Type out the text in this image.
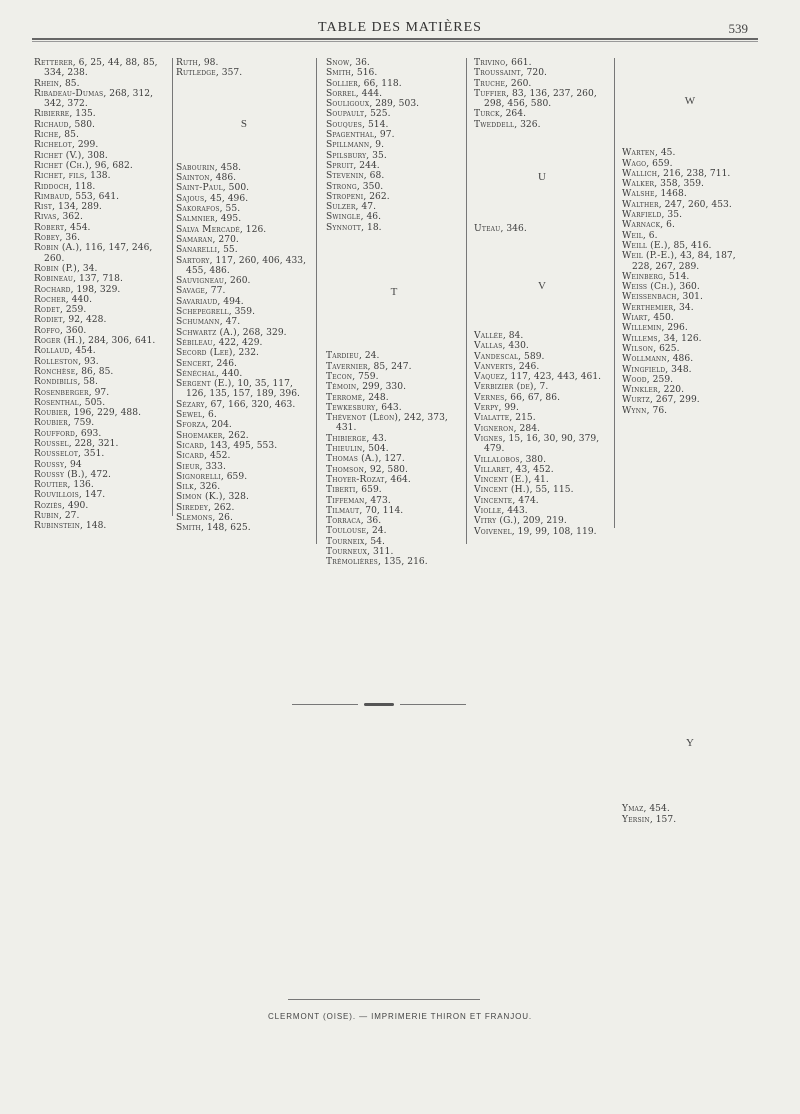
TABLE DES MATIÈRES	539

Retterer, 6, 25, 44, 88, 85, 334, 238.

Rhein, 85.

Ribadeau-Dumas, 268, 312, 342, 372.

Ribierre, 135.

Richaud, 580.

Riche, 85.

Richelot, 299.

Richet (V.), 308.

Richet (Ch.), 96, 682.

Richet, fils, 138.

Riddoch, 118.

Rimbaud, 553, 641.

Rist, 134, 289.

Rivas, 362.

Robert, 454.

Robey, 36.

Robin (A.), 116, 147, 246, 260.

Robin (P.), 34.

Robineau, 137, 718.

Rochard, 198, 329.

Rocher, 440.

Rodet, 259.

Rodiet, 92, 428.

Roffo, 360.

Roger (H.), 284, 306, 641.

Rollaud, 454.

Rolleston, 93.

Ronchèse, 86, 85.

Rondibilis, 58.

Rosenberger, 97.

Rosenthal, 505.

Roubier, 196, 229, 488.

Roubier, 759.

Roufford, 693.

Roussel, 228, 321.

Rousselot, 351.

Roussy, 94

Roussy (B.), 472.

Routier, 136.

Rouvillois, 147.

Roziès, 490.

Rubin, 27.

Rubinstein, 148.

Ruth, 98.

Rutledge, 357.

S

Sabourin, 458.

Sainton, 486.

Saint-Paul, 500.

Sajous, 45, 496.

Sakorafos, 55.

Salmnier, 495.

Salva Mercadé, 126.

Samaran, 270.

Sanarelli, 55.

Sartory, 117, 260, 406, 433, 455, 486.

Sauvigneau, 260.

Savage, 77.

Savariaud, 494.

Schepegrell, 359.

Schumann, 47.

Schwartz (A.), 268, 329.

Sébileau, 422, 429.

Secord (Lee), 232.

Sencert, 246.

Sénéchal, 440.

Sergent (E.), 10, 35, 117, 126, 135, 157, 189, 396.

Sézary, 67, 166, 320, 463.

Sewel, 6.

Sforza, 204.

Shoemaker, 262.

Sicard, 143, 495, 553.

Sicard, 452.

Sieur, 333.

Signorelli, 659.

Silk, 326.

Simon (K.), 328.

Siredey, 262.

Slemons, 26.

Smith, 148, 625.

Snow, 36.

Smith, 516.

Sollier, 66, 118.

Sorrel, 444.

Souligoux, 289, 503.

Soupault, 525.

Souques, 514.

Spagenthal, 97.

Spillmann, 9.

Spilsbury, 35.

Spruit, 244.

Stevenin, 68.

Strong, 350.

Stropeni, 262.

Sulzer, 47.

Swingle, 46.

Synnott, 18.

T

Tardieu, 24.

Tavernier, 85, 247.

Tecon, 759.

Témoin, 299, 330.

Terromé, 248.

Tewkesbury, 643.

Thévenot (Léon), 242, 373, 431.

Thibierge, 43.

Thieulin, 504.

Thomas (A.), 127.

Thomson, 92, 580.

Thoyer-Rozat, 464.

Tiberti, 659.

Tiffeman, 473.

Tilmaut, 70, 114.

Torraca, 36.

Toulouse, 24.

Tourneix, 54.

Tourneux, 311.

Trémolières, 135, 216.

Trivino, 661.

Troussaint, 720.

Truche, 260.

Tuffier, 83, 136, 237, 260, 298, 456, 580.

Turck, 264.

Tweddell, 326.

U

Uteau, 346.

V

Vallée, 84.

Vallas, 430.

Vandescal, 589.

Vanverts, 246.

Vaquez, 117, 423, 443, 461.

Verbizier (de), 7.

Vernes, 66, 67, 86.

Verpy, 99.

Vialatte, 215.

Vigneron, 284.

Vignes, 15, 16, 30, 90, 379, 479.

Villalobos, 380.

Villaret, 43, 452.

Vincent (E.), 41.

Vincent (H.), 55, 115.

Vincente, 474.

Violle, 443.

Vitry (G.), 209, 219.

Voivenel, 19, 99, 108, 119.

W

Warten, 45.

Wago, 659.

Wallich, 216, 238, 711.

Walker, 358, 359.

Walshe, 1468.

Walther, 247, 260, 453.

Warfield, 35.

Warnack, 6.

Weil, 6.

Weill (E.), 85, 416.

Weil (P.-E.), 43, 84, 187, 228, 267, 289.

Weinberg, 514.

Weiss (Ch.), 360.

Weissenbach, 301.

Werthemier, 34.

Wiart, 450.

Willemin, 296.

Willems, 34, 126.

Wilson, 625.

Wollmann, 486.

Wingfield, 348.

Wood, 259.

Winkler, 220.

Wurtz, 267, 299.

Wynn, 76.

Y

Ymaz, 454.

Yersin, 157.

CLERMONT (OISE). — IMPRIMERIE THIRON ET FRANJOU.
